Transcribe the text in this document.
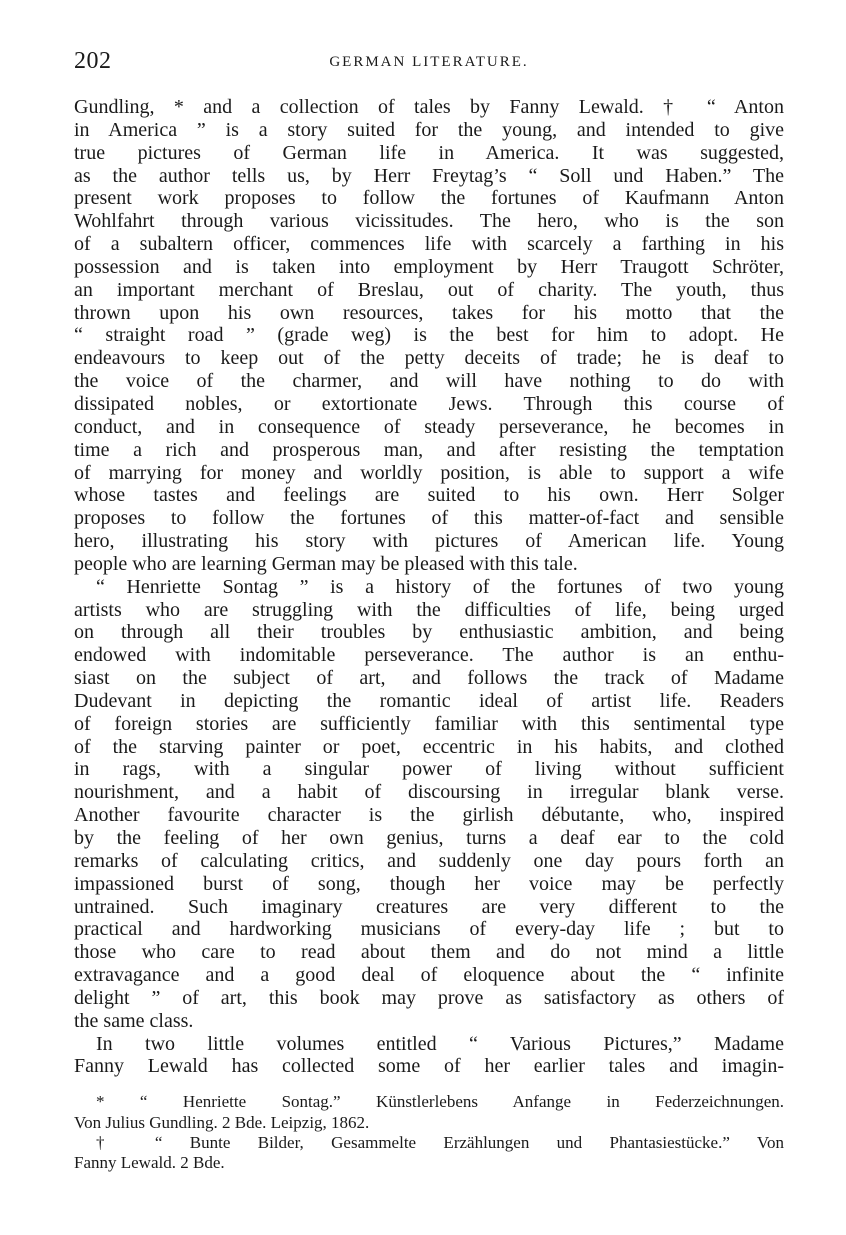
202	GERMAN LITERATURE.
Gundling, * and a collection of tales by Fanny Lewald. † “ Anton
in America ” is a story suited for the young, and intended to give
true pictures of German life in America. It was suggested,
as the author tells us, by Herr Freytag’s “ Soll und Haben.” The
present work proposes to follow the fortunes of Kaufmann Anton
Wohlfahrt through various vicissitudes. The hero, who is the son
of a subaltern officer, commences life with scarcely a farthing in his
possession and is taken into employment by Herr Traugott Schröter,
an important merchant of Breslau, out of charity. The youth, thus
thrown upon his own resources, takes for his motto that the
“ straight road ” (grade weg) is the best for him to adopt. He
endeavours to keep out of the petty deceits of trade; he is deaf to
the voice of the charmer, and will have nothing to do with
dissipated nobles, or extortionate Jews. Through this course of
conduct, and in consequence of steady perseverance, he becomes in
time a rich and prosperous man, and after resisting the temptation
of marrying for money and worldly position, is able to support a wife
whose tastes and feelings are suited to his own. Herr Solger
proposes to follow the fortunes of this matter-of-fact and sensible
hero, illustrating his story with pictures of American life. Young
people who are learning German may be pleased with this tale.
“ Henriette Sontag ” is a history of the fortunes of two young
artists who are struggling with the difficulties of life, being urged
on through all their troubles by enthusiastic ambition, and being
endowed with indomitable perseverance. The author is an enthu-
siast on the subject of art, and follows the track of Madame
Dudevant in depicting the romantic ideal of artist life. Readers
of foreign stories are sufficiently familiar with this sentimental type
of the starving painter or poet, eccentric in his habits, and clothed
in rags, with a singular power of living without sufficient
nourishment, and a habit of discoursing in irregular blank verse.
Another favourite character is the girlish débutante, who, inspired
by the feeling of her own genius, turns a deaf ear to the cold
remarks of calculating critics, and suddenly one day pours forth an
impassioned burst of song, though her voice may be perfectly
untrained. Such imaginary creatures are very different to the
practical and hardworking musicians of every-day life ; but to
those who care to read about them and do not mind a little
extravagance and a good deal of eloquence about the “ infinite
delight ” of art, this book may prove as satisfactory as others of
the same class.
In two little volumes entitled “ Various Pictures,” Madame
Fanny Lewald has collected some of her earlier tales and imagin-
* “ Henriette Sontag.” Künstlerlebens Anfange in Federzeichnungen.
Von Julius Gundling. 2 Bde. Leipzig, 1862.
† “ Bunte Bilder, Gesammelte Erzählungen und Phantasiestücke.” Von
Fanny Lewald. 2 Bde.
